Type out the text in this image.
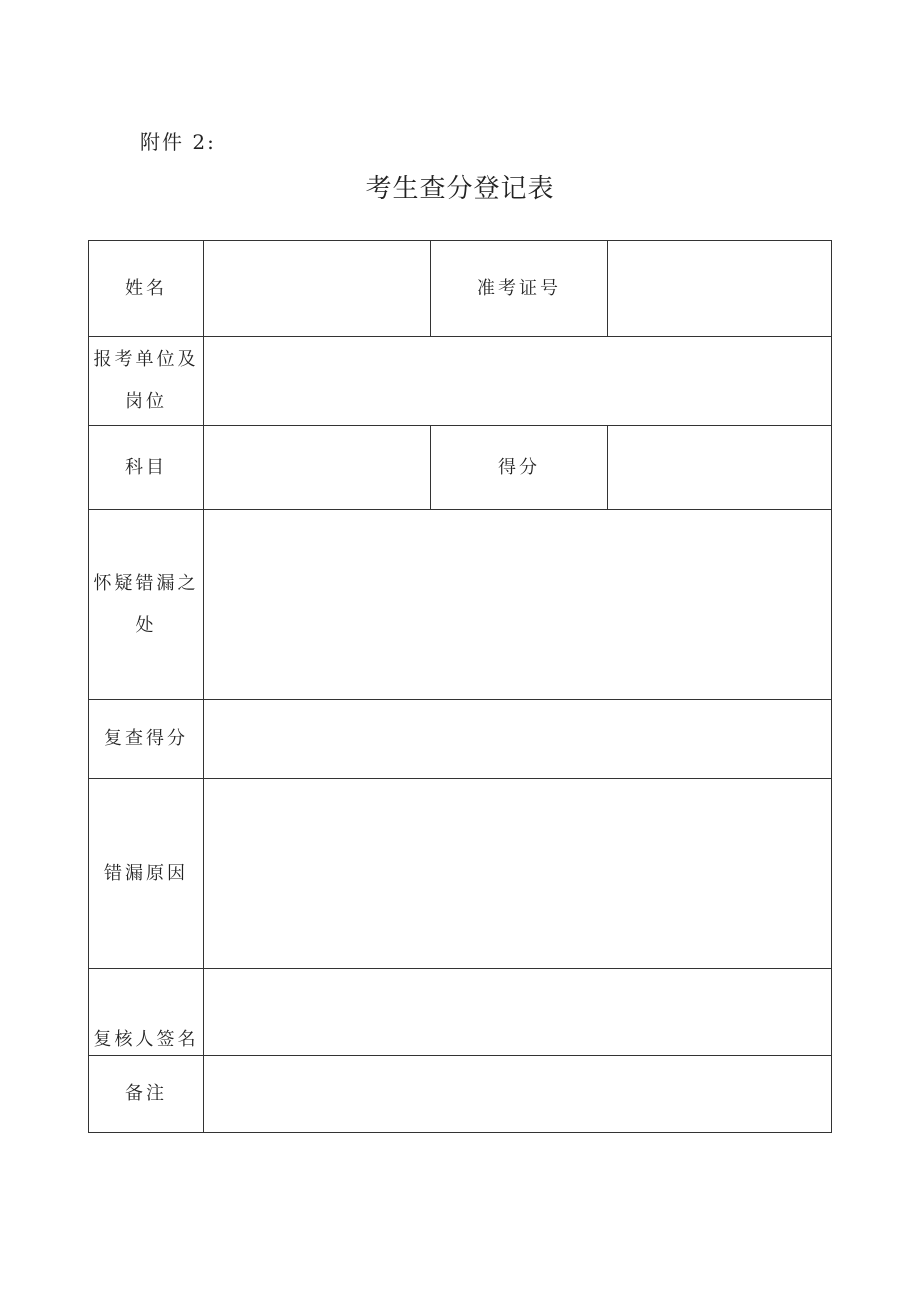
附件 2:
考生查分登记表
姓名		准考证号	

报考单位及岗位			

科目		得分	

怀疑错漏之处			

复查得分			

错漏原因			

复核人签名			

备注			
